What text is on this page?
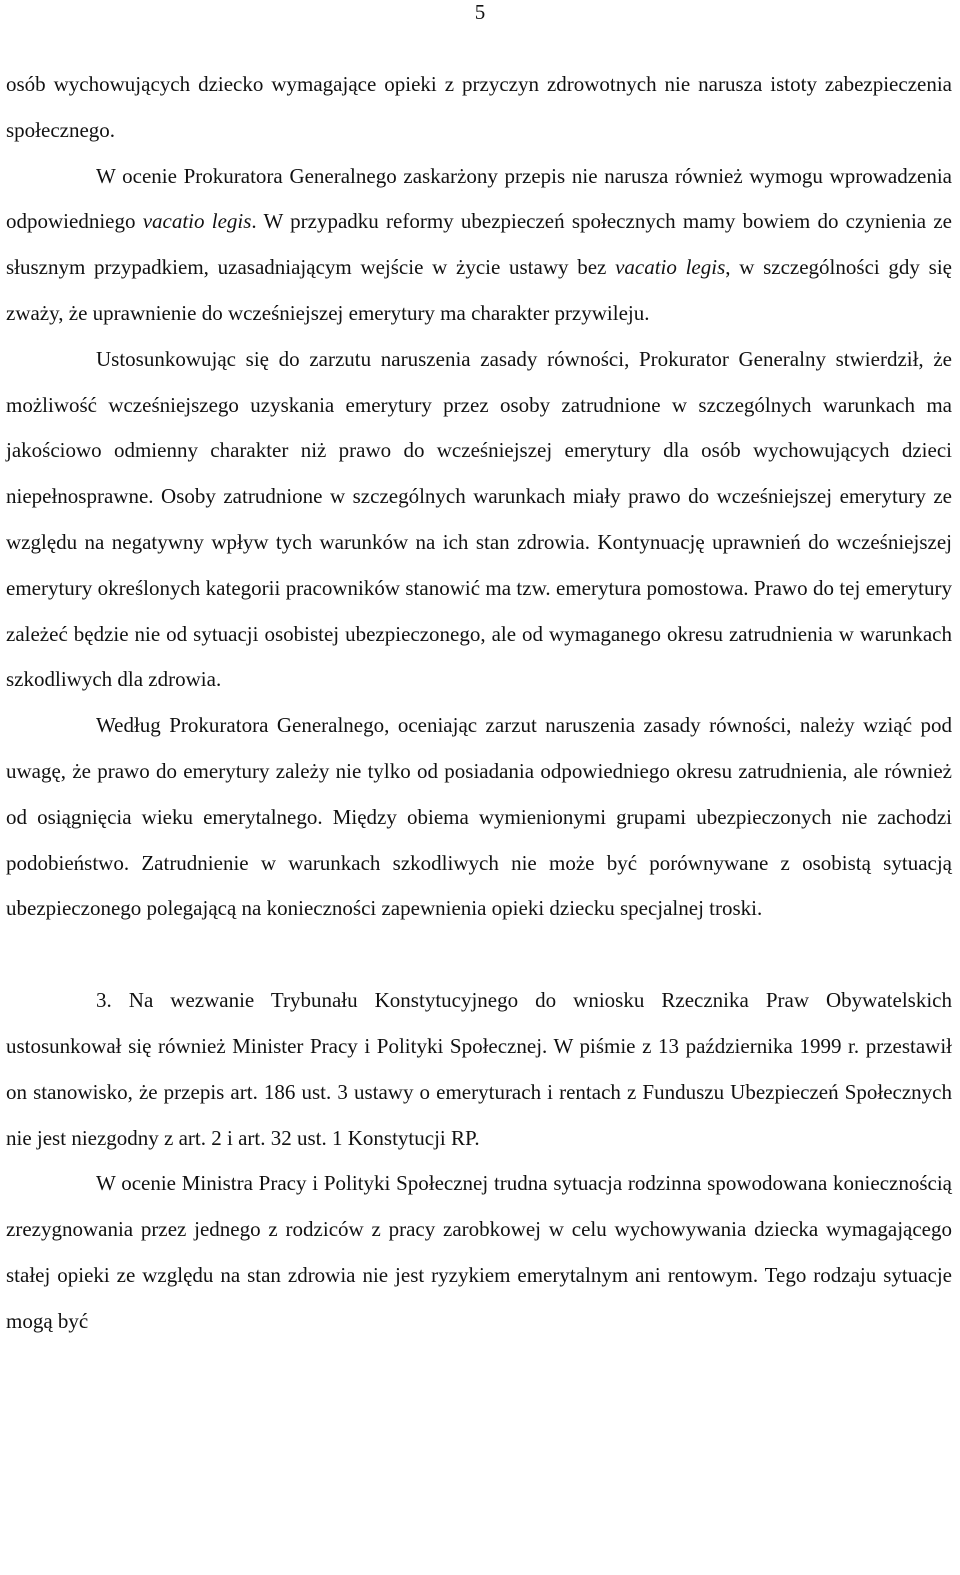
5

osób wychowujących dziecko wymagające opieki z przyczyn zdrowotnych nie narusza istoty zabezpieczenia społecznego.

W ocenie Prokuratora Generalnego zaskarżony przepis nie narusza również wymogu wprowadzenia odpowiedniego vacatio legis. W przypadku reformy ubezpieczeń społecznych mamy bowiem do czynienia ze słusznym przypadkiem, uzasadniającym wejście w życie ustawy bez vacatio legis, w szczególności gdy się zważy, że uprawnienie do wcześniejszej emerytury ma charakter przywileju.

Ustosunkowując się do zarzutu naruszenia zasady równości, Prokurator Generalny stwierdził, że możliwość wcześniejszego uzyskania emerytury przez osoby zatrudnione w szczególnych warunkach ma jakościowo odmienny charakter niż prawo do wcześniejszej emerytury dla osób wychowujących dzieci niepełnosprawne. Osoby zatrudnione w szczególnych warunkach miały prawo do wcześniejszej emerytury ze względu na negatywny wpływ tych warunków na ich stan zdrowia. Kontynuację uprawnień do wcześniejszej emerytury określonych kategorii pracowników stanowić ma tzw. emerytura pomostowa. Prawo do tej emerytury zależeć będzie nie od sytuacji osobistej ubezpieczonego, ale od wymaganego okresu zatrudnienia w warunkach szkodliwych dla zdrowia.

Według Prokuratora Generalnego, oceniając zarzut naruszenia zasady równości, należy wziąć pod uwagę, że prawo do emerytury zależy nie tylko od posiadania odpowiedniego okresu zatrudnienia, ale również od osiągnięcia wieku emerytalnego. Między obiema wymienionymi grupami ubezpieczonych nie zachodzi podobieństwo. Zatrudnienie w warunkach szkodliwych nie może być porównywane z osobistą sytuacją ubezpieczonego polegającą na konieczności zapewnienia opieki dziecku specjalnej troski.

3. Na wezwanie Trybunału Konstytucyjnego do wniosku Rzecznika Praw Obywatelskich ustosunkował się również Minister Pracy i Polityki Społecznej. W piśmie z 13 października 1999 r. przestawił on stanowisko, że przepis art. 186 ust. 3 ustawy o emeryturach i rentach z Funduszu Ubezpieczeń Społecznych nie jest niezgodny z art. 2 i art. 32 ust. 1 Konstytucji RP.

W ocenie Ministra Pracy i Polityki Społecznej trudna sytuacja rodzinna spowodowana koniecznością zrezygnowania przez jednego z rodziców z pracy zarobkowej w celu wychowywania dziecka wymagającego stałej opieki ze względu na stan zdrowia nie jest ryzykiem emerytalnym ani rentowym. Tego rodzaju sytuacje mogą być
